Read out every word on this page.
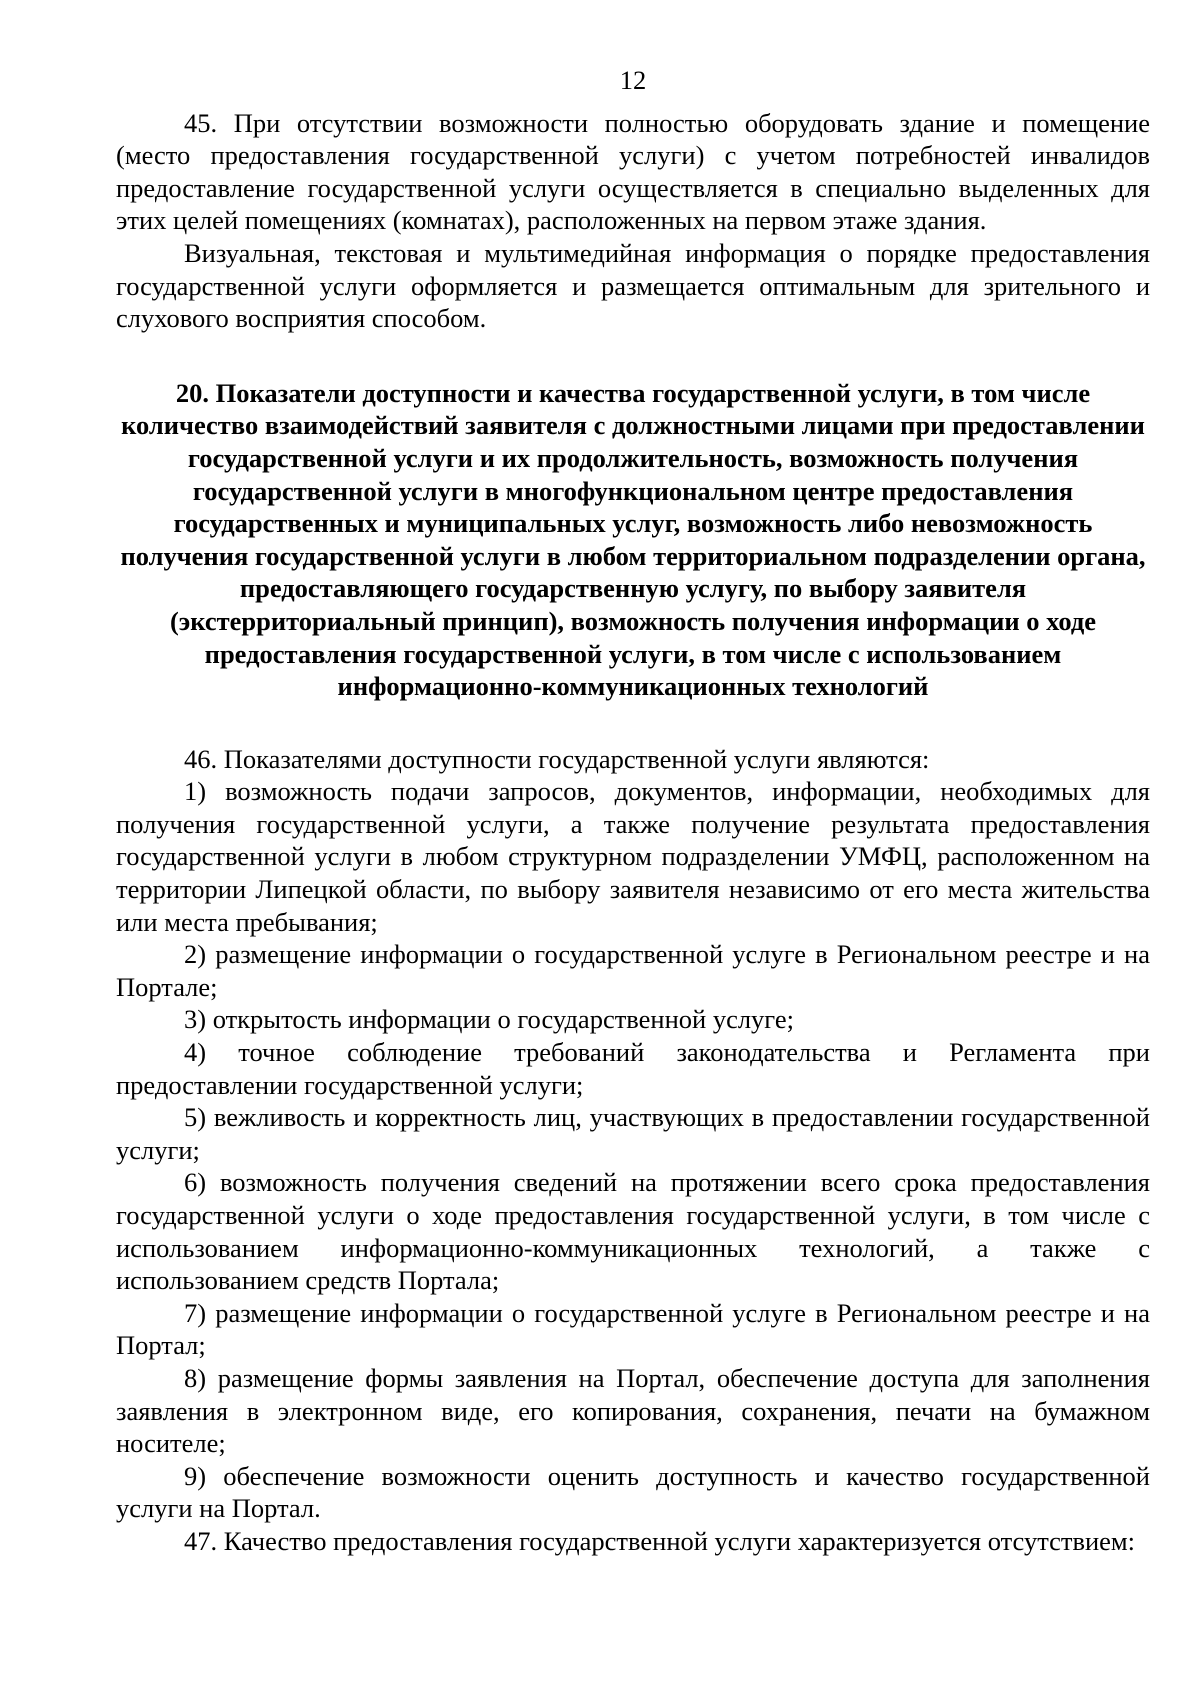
12

45. При отсутствии возможности полностью оборудовать здание и помещение (место предоставления государственной услуги) с учетом потребностей инвалидов предоставление государственной услуги осуществляется в специально выделенных для этих целей помещениях (комнатах), расположенных на первом этаже здания.

Визуальная, текстовая и мультимедийная информация о порядке предоставления государственной услуги оформляется и размещается оптимальным для зрительного и слухового восприятия способом.

20. Показатели доступности и качества государственной услуги, в том числе количество взаимодействий заявителя с должностными лицами при предоставлении государственной услуги и их продолжительность, возможность получения государственной услуги в многофункциональном центре предоставления государственных и муниципальных услуг, возможность либо невозможность получения государственной услуги в любом территориальном подразделении органа, предоставляющего государственную услугу, по выбору заявителя (экстерриториальный принцип), возможность получения информации о ходе предоставления государственной услуги, в том числе с использованием информационно-коммуникационных технологий

46. Показателями доступности государственной услуги являются:

1) возможность подачи запросов, документов, информации, необходимых для получения государственной услуги, а также получение результата предоставления государственной услуги в любом структурном подразделении УМФЦ, расположенном на территории Липецкой области, по выбору заявителя независимо от его места жительства или места пребывания;

2) размещение информации о государственной услуге в Региональном реестре и на Портале;

3) открытость информации о государственной услуге;

4) точное соблюдение требований законодательства и Регламента при предоставлении государственной услуги;

5) вежливость и корректность лиц, участвующих в предоставлении государственной услуги;

6) возможность получения сведений на протяжении всего срока предоставления государственной услуги о ходе предоставления государственной услуги, в том числе с использованием информационно-коммуникационных технологий, а также с использованием средств Портала;

7) размещение информации о государственной услуге в Региональном реестре и на Портал;

8) размещение формы заявления на Портал, обеспечение доступа для заполнения заявления в электронном виде, его копирования, сохранения, печати на бумажном носителе;

9) обеспечение возможности оценить доступность и качество государственной услуги на Портал.

47. Качество предоставления государственной услуги характеризуется отсутствием:
